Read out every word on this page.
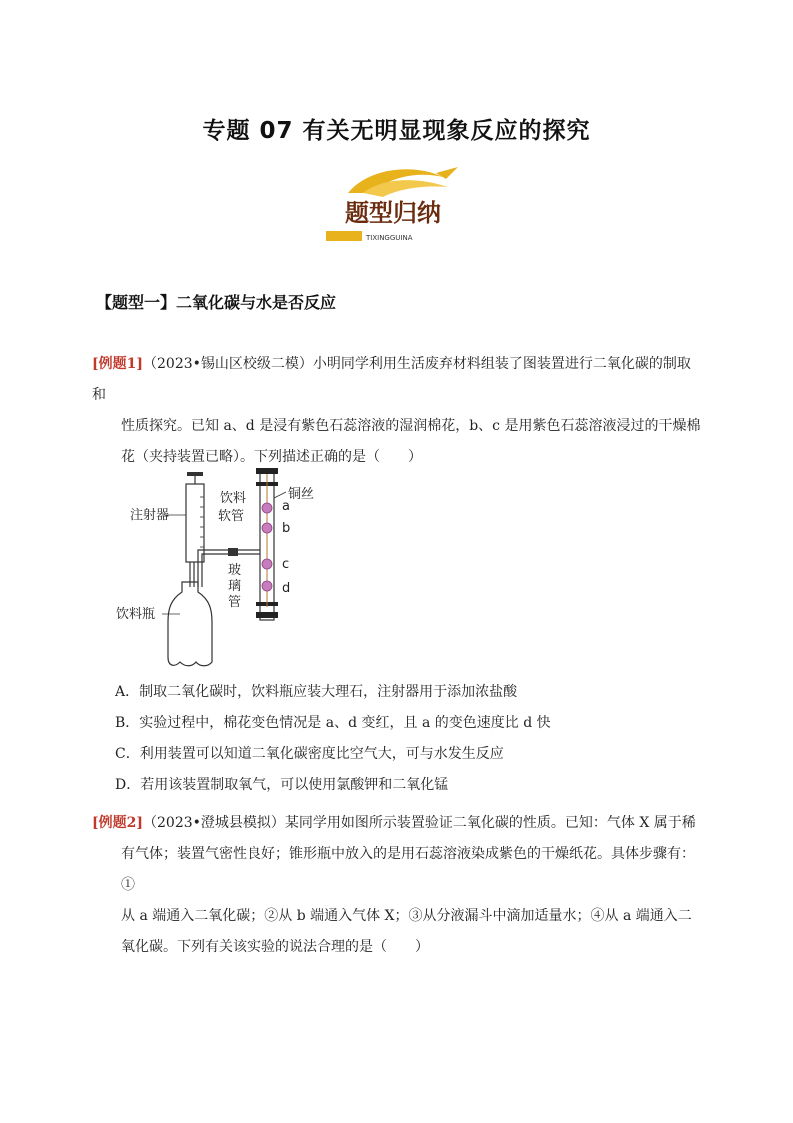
专题 07 有关无明显现象反应的探究
题型归纳
TIXINGGUINA
【题型一】二氧化碳与水是否反应
[例题1]（2023•锡山区校级二模）小明同学利用生活废弃材料组装了图装置进行二氧化碳的制取和
性质探究。已知 a、d 是浸有紫色石蕊溶液的湿润棉花，b、c 是用紫色石蕊溶液浸过的干燥棉
花（夹持装置已略）。下列描述正确的是（　　）
注射器
饮料
软管
铜丝
a
b
c
d
玻
璃
管
饮料瓶
A．制取二氧化碳时，饮料瓶应装大理石，注射器用于添加浓盐酸
B．实验过程中，棉花变色情况是 a、d 变红，且 a 的变色速度比 d 快
C．利用装置可以知道二氧化碳密度比空气大，可与水发生反应
D．若用该装置制取氧气，可以使用氯酸钾和二氧化锰
[例题2]（2023•澄城县模拟）某同学用如图所示装置验证二氧化碳的性质。已知：气体 X 属于稀
有气体；装置气密性良好；锥形瓶中放入的是用石蕊溶液染成紫色的干燥纸花。具体步骤有：①
从 a 端通入二氧化碳；②从 b 端通入气体 X；③从分液漏斗中滴加适量水；④从 a 端通入二
氧化碳。下列有关该实验的说法合理的是（　　）
